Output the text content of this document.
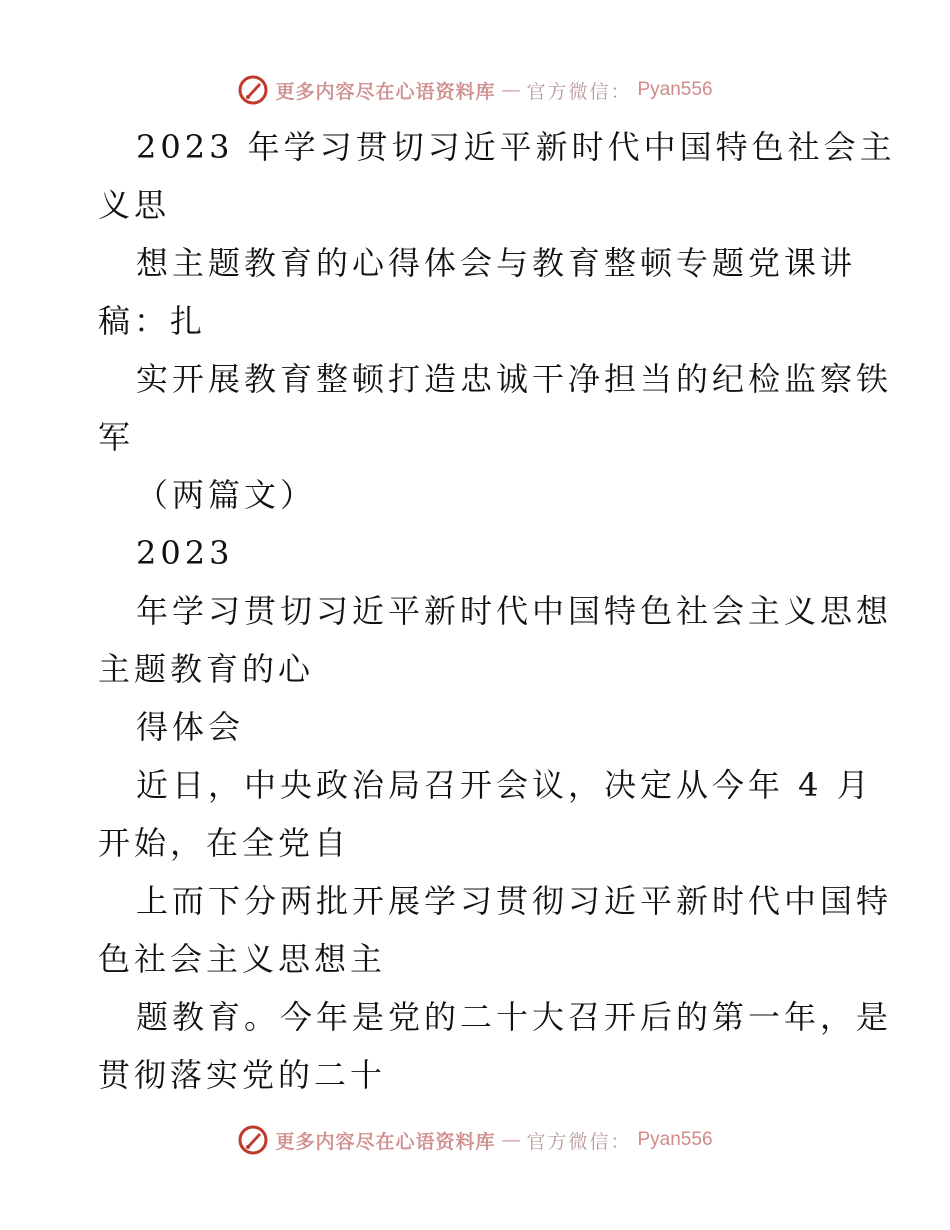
更多内容尽在心语资料库 — 官方微信： Pyan556
2023 年学习贯切习近平新时代中国特色社会主
义思
想主题教育的心得体会与教育整顿专题党课讲
稿：扎
实开展教育整顿打造忠诚干净担当的纪检监察铁
军
（两篇文）
2023
年学习贯切习近平新时代中国特色社会主义思想
主题教育的心
得体会
近日，中央政治局召开会议，决定从今年 4 月
开始，在全党自
上而下分两批开展学习贯彻习近平新时代中国特
色社会主义思想主
题教育。今年是党的二十大召开后的第一年，是
贯彻落实党的二十
更多内容尽在心语资料库 — 官方微信： Pyan556
